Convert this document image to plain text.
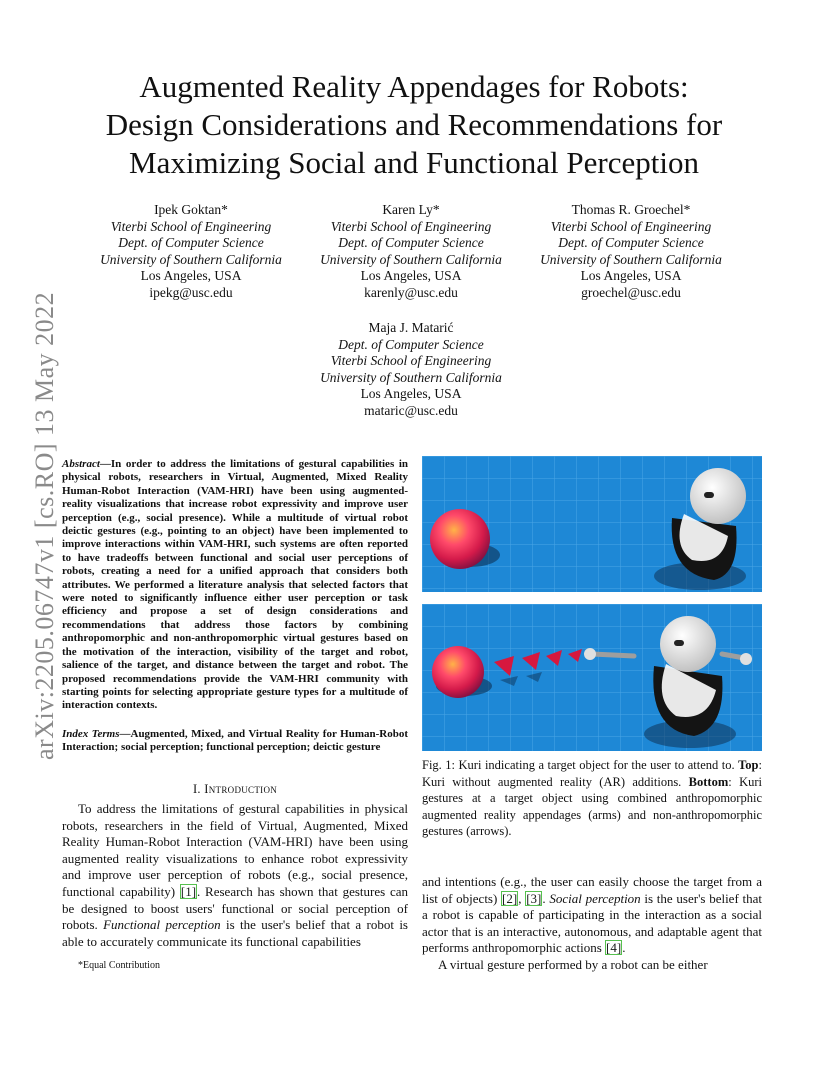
arXiv:2205.06747v1 [cs.RO] 13 May 2022
Augmented Reality Appendages for Robots:
Design Considerations and Recommendations for
Maximizing Social and Functional Perception
Ipek Goktan*
Viterbi School of Engineering
Dept. of Computer Science
University of Southern California
Los Angeles, USA
ipekg@usc.edu
Karen Ly*
Viterbi School of Engineering
Dept. of Computer Science
University of Southern California
Los Angeles, USA
karenly@usc.edu
Thomas R. Groechel*
Viterbi School of Engineering
Dept. of Computer Science
University of Southern California
Los Angeles, USA
groechel@usc.edu
Maja J. Matarić
Dept. of Computer Science
Viterbi School of Engineering
University of Southern California
Los Angeles, USA
mataric@usc.edu
Abstract—In order to address the limitations of gestural capabilities in physical robots, researchers in Virtual, Augmented, Mixed Reality Human-Robot Interaction (VAM-HRI) have been using augmented-reality visualizations that increase robot expressivity and improve user perception (e.g., social presence). While a multitude of virtual robot deictic gestures (e.g., pointing to an object) have been implemented to improve interactions within VAM-HRI, such systems are often reported to have tradeoffs between functional and social user perceptions of robots, creating a need for a unified approach that considers both attributes. We performed a literature analysis that selected factors that were noted to significantly influence either user perception or task efficiency and propose a set of design considerations and recommendations that address those factors by combining anthropomorphic and non-anthropomorphic virtual gestures based on the motivation of the interaction, visibility of the target and robot, salience of the target, and distance between the target and robot. The proposed recommendations provide the VAM-HRI community with starting points for selecting appropriate gesture types for a multitude of interaction contexts.
Index Terms—Augmented, Mixed, and Virtual Reality for Human-Robot Interaction; social perception; functional perception; deictic gesture
I. Introduction
To address the limitations of gestural capabilities in physical robots, researchers in the field of Virtual, Augmented, Mixed Reality Human-Robot Interaction (VAM-HRI) have been using augmented reality visualizations to enhance robot expressivity and improve user perception of robots (e.g., social presence, functional capability) [1]. Research has shown that gestures can be designed to boost users' functional or social perception of robots. Functional perception is the user's belief that a robot is able to accurately communicate its functional capabilities
*Equal Contribution
Fig. 1: Kuri indicating a target object for the user to attend to. Top: Kuri without augmented reality (AR) additions. Bottom: Kuri gestures at a target object using combined anthropomorphic augmented reality appendages (arms) and non-anthropomorphic gestures (arrows).
and intentions (e.g., the user can easily choose the target from a list of objects) [2], [3]. Social perception is the user's belief that a robot is capable of participating in the interaction as a social actor that is an interactive, autonomous, and adaptable agent that performs anthropomorphic actions [4].
A virtual gesture performed by a robot can be either
